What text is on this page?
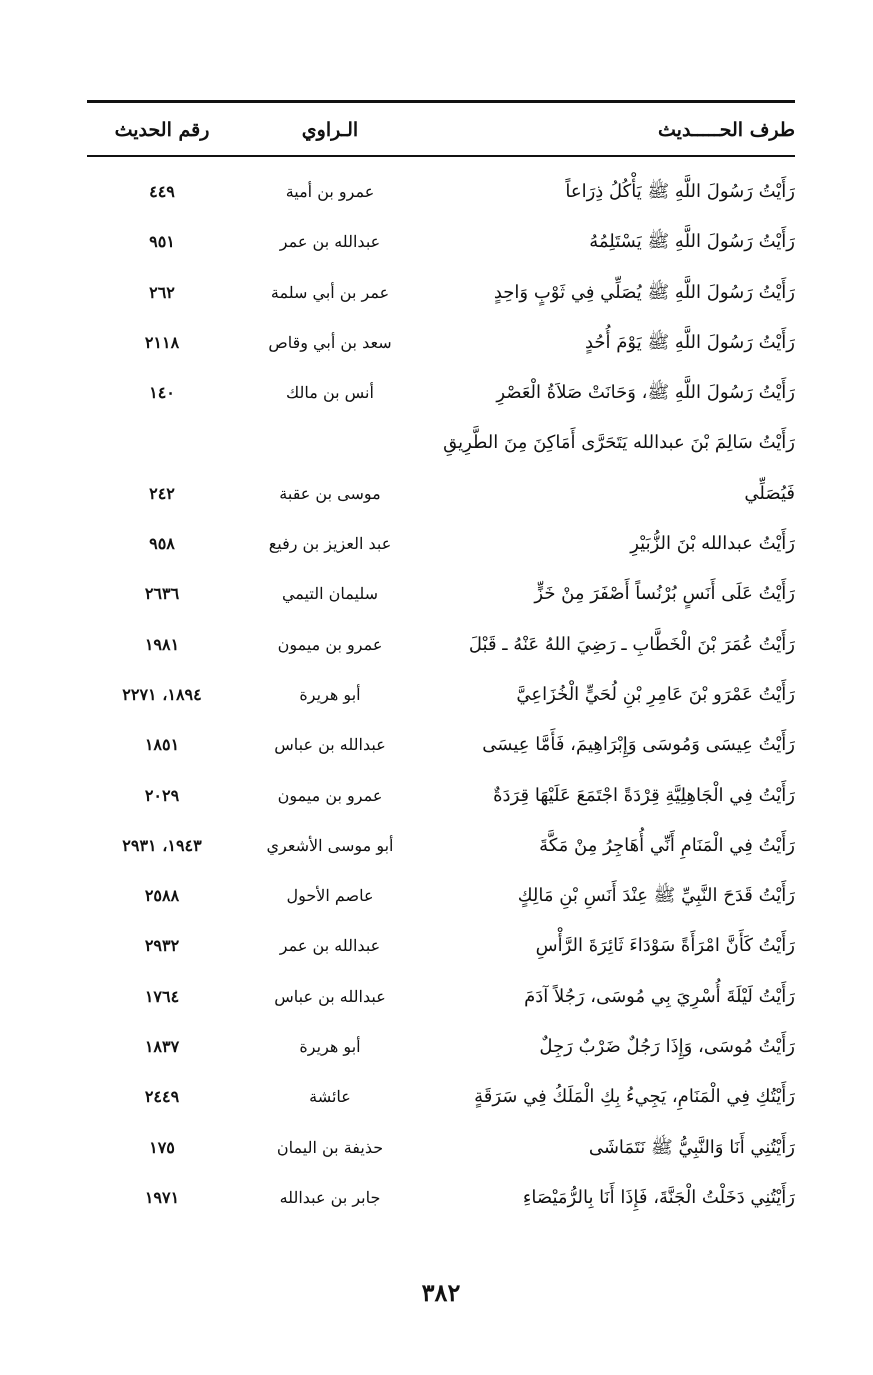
طرف الحـــــديث
الـراوي
رقم الحديث
رَأَيْتُ رَسُولَ اللَّهِ ﷺ يَأْكُلُ ذِرَاعاً
عمرو بن أمية
٤٤٩
رَأَيْتُ رَسُولَ اللَّهِ ﷺ يَسْتَلِمُهُ
عبدالله بن عمر
٩٥١
رَأَيْتُ رَسُولَ اللَّهِ ﷺ يُصَلِّي فِي ثَوْبٍ وَاحِدٍ
عمر بن أبي سلمة
٢٦٢
رَأَيْتُ رَسُولَ اللَّهِ ﷺ يَوْمَ أُحُدٍ
سعد بن أبي وقاص
٢١١٨
رَأَيْتُ رَسُولَ اللَّهِ ﷺ، وَحَانَتْ صَلاَةُ الْعَصْرِ
أنس بن مالك
١٤٠
رَأَيْتُ سَالِمَ بْنَ عبدالله يَتَحَرَّى أَمَاكِنَ مِنَ الطَّرِيقِ
فَيُصَلِّي
موسى بن عقبة
٢٤٢
رَأَيْتُ عبدالله بْنَ الزُّبَيْرِ
عبد العزيز بن رفيع
٩٥٨
رَأَيْتُ عَلَى أَنَسٍ بُرْنُساً أَصْفَرَ مِنْ خَزٍّ
سليمان التيمي
٢٦٣٦
رَأَيْتُ عُمَرَ بْنَ الْخَطَّابِ ـ رَضِيَ اللهُ عَنْهُ ـ قَبْلَ
عمرو بن ميمون
١٩٨١
رَأَيْتُ عَمْرَو بْنَ عَامِرِ بْنِ لُحَيٍّ الْخُزَاعِيَّ
أبو هريرة
١٨٩٤، ٢٢٧١
رَأَيْتُ عِيسَى وَمُوسَى وَإِبْرَاهِيمَ، فَأَمَّا عِيسَى
عبدالله بن عباس
١٨٥١
رَأَيْتُ فِي الْجَاهِلِيَّةِ قِرْدَةً اجْتَمَعَ عَلَيْهَا قِرَدَةٌ
عمرو بن ميمون
٢٠٢٩
رَأَيْتُ فِي الْمَنَامِ أَنِّي أُهَاجِرُ مِنْ مَكَّةَ
أبو موسى الأشعري
١٩٤٣، ٢٩٣١
رَأَيْتُ قَدَحَ النَّبِيِّ ﷺ عِنْدَ أَنَسِ بْنِ مَالِكٍ
عاصم الأحول
٢٥٨٨
رَأَيْتُ كَأَنَّ امْرَأَةً سَوْدَاءَ ثَائِرَةَ الرَّأْسِ
عبدالله بن عمر
٢٩٣٢
رَأَيْتُ لَيْلَةَ أُسْرِيَ بِي مُوسَى، رَجُلاً آدَمَ
عبدالله بن عباس
١٧٦٤
رَأَيْتُ مُوسَى، وَإِذَا رَجُلٌ ضَرْبٌ رَجِلٌ
أبو هريرة
١٨٣٧
رَأَيْتُكِ فِي الْمَنَامِ، يَجِيءُ بِكِ الْمَلَكُ فِي سَرَقَةٍ
عائشة
٢٤٤٩
رَأَيْتُنِي أَنَا وَالنَّبِيُّ ﷺ نَتَمَاشَى
حذيفة بن اليمان
١٧٥
رَأَيْتُنِي دَخَلْتُ الْجَنَّةَ، فَإِذَا أَنَا بِالرُّمَيْصَاءِ
جابر بن عبدالله
١٩٧١
٣٨٢
